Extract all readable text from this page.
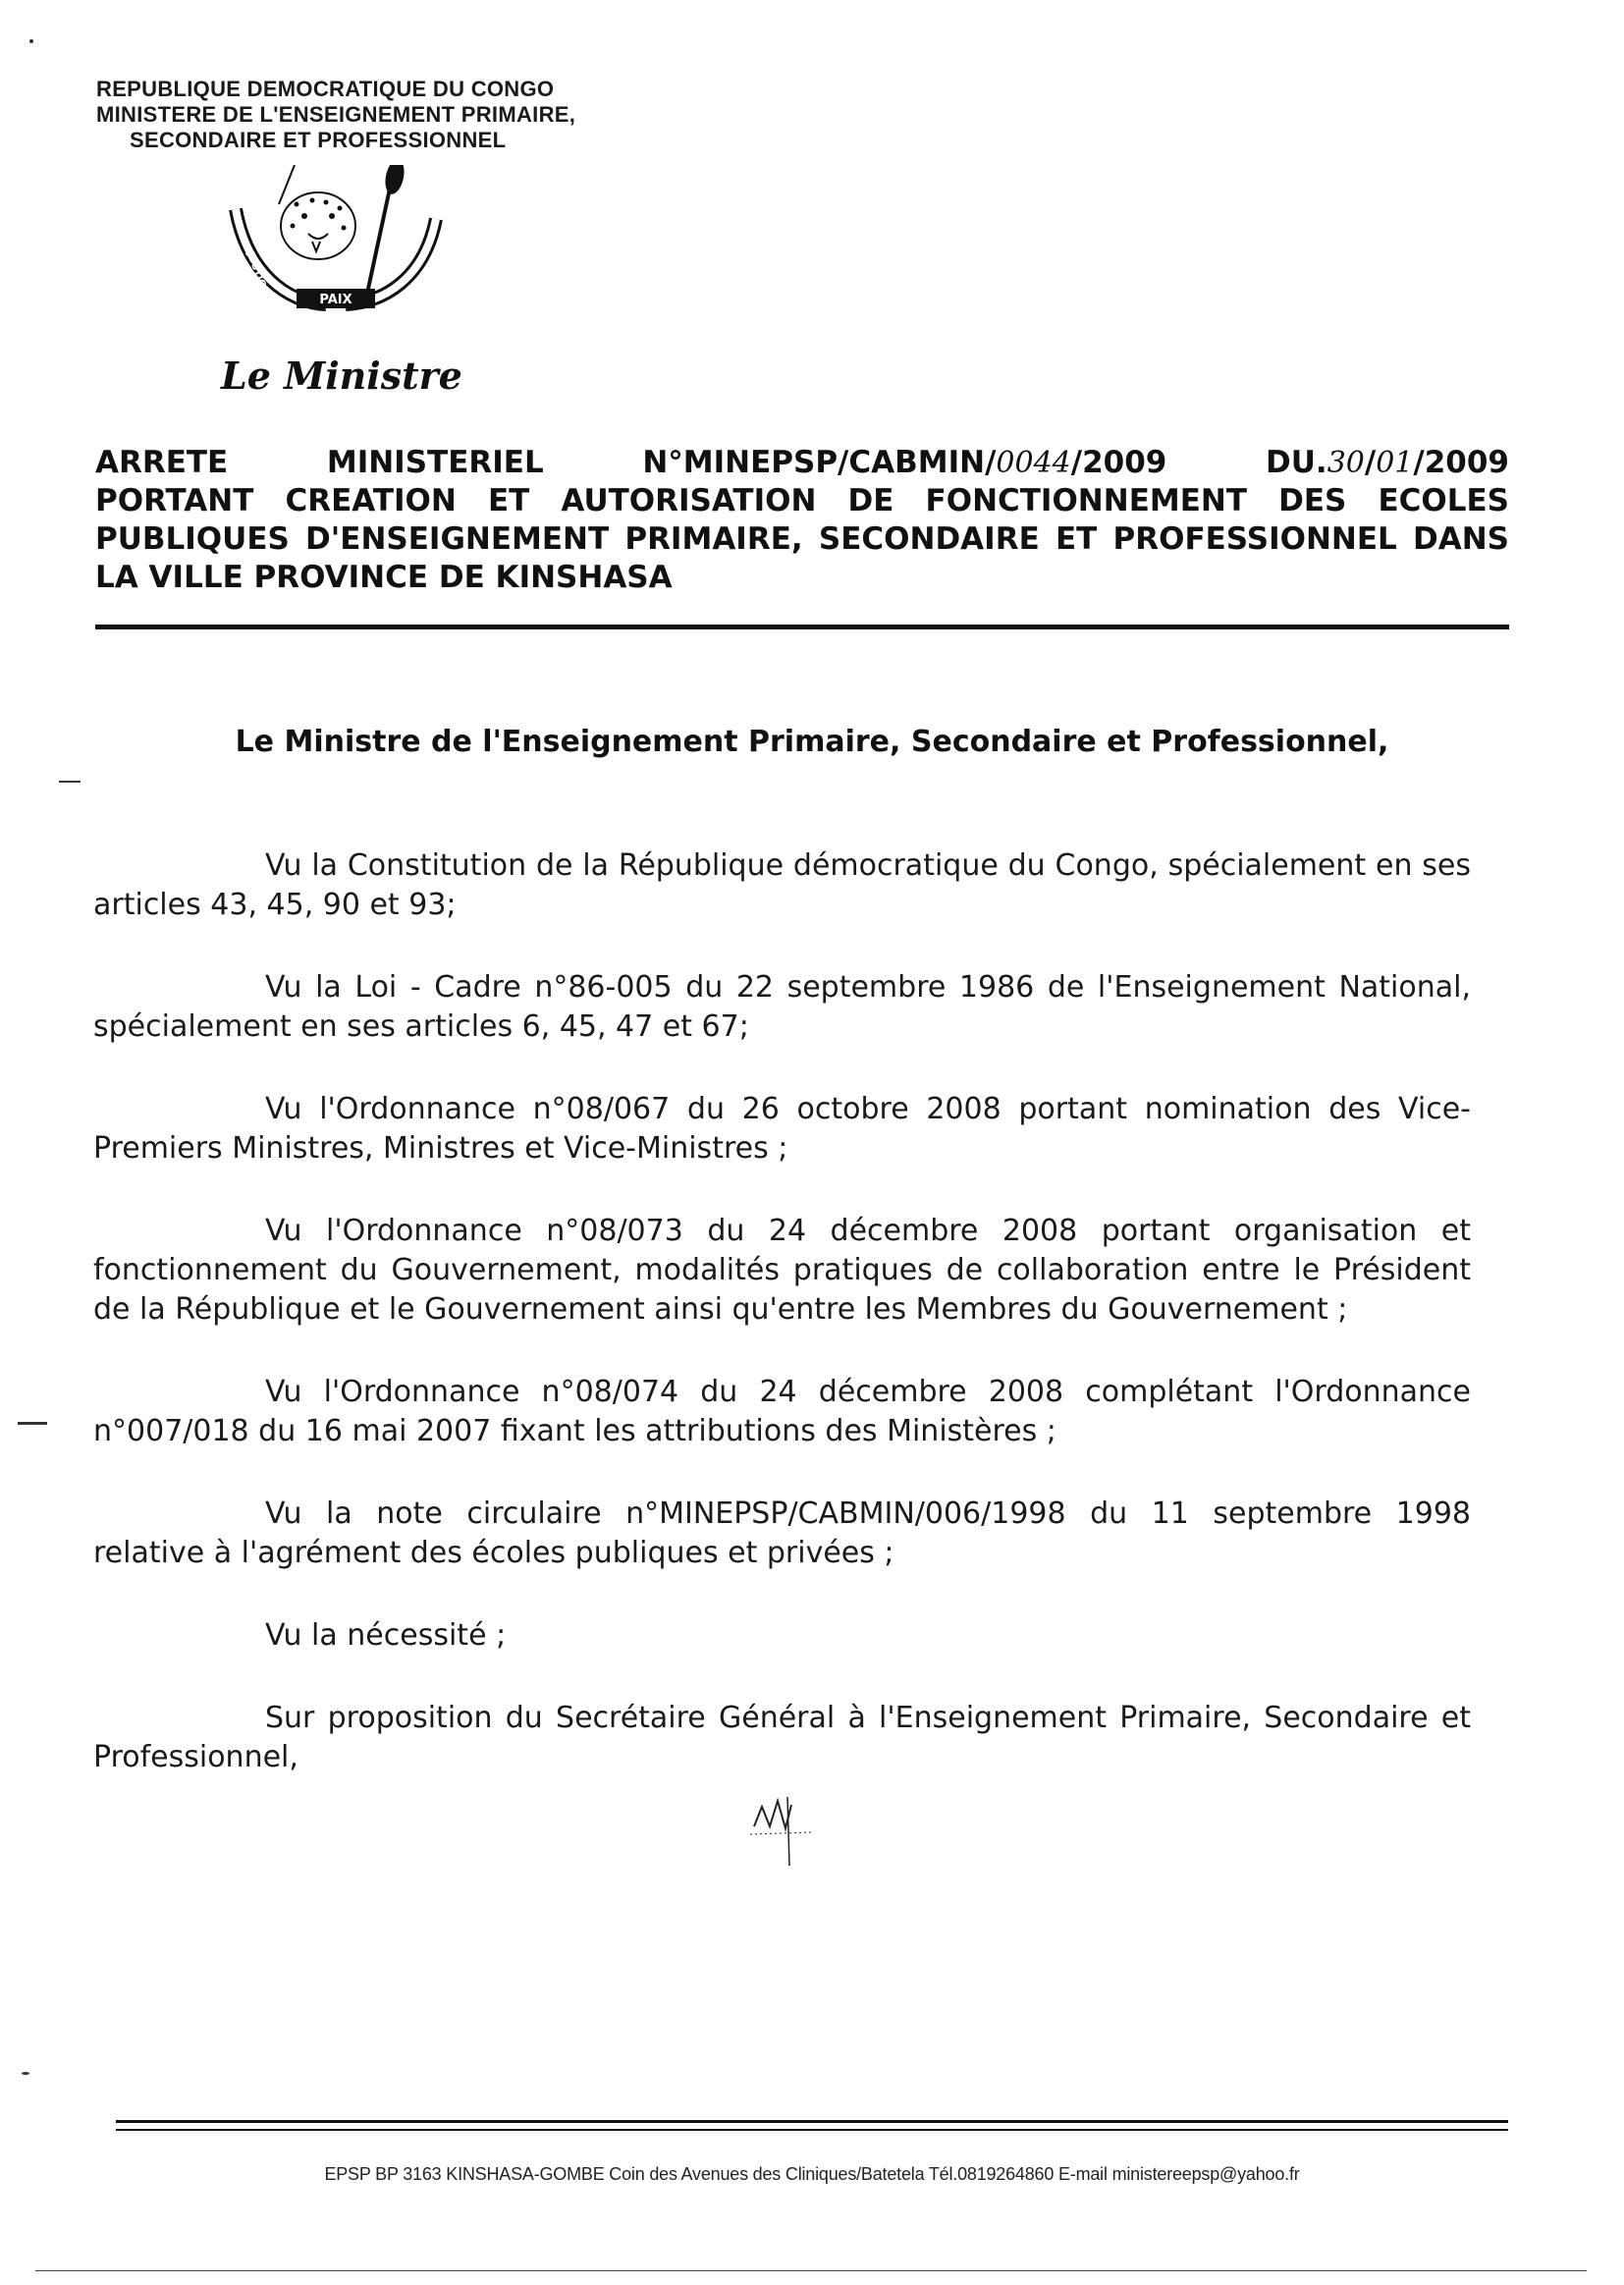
REPUBLIQUE DEMOCRATIQUE DU CONGO
MINISTERE DE L'ENSEIGNEMENT PRIMAIRE,
SECONDAIRE ET PROFESSIONNEL
PAIX
JUSTICE
TRAVAIL
Le Ministre
ARRETE	MINISTERIEL	N°MINEPSP/CABMIN/0044/2009	DU.30/01/2009
PORTANT CREATION ET AUTORISATION DE FONCTIONNEMENT DES ECOLES PUBLIQUES D'ENSEIGNEMENT PRIMAIRE, SECONDAIRE ET PROFESSIONNEL DANS LA VILLE PROVINCE DE KINSHASA
Le Ministre de l'Enseignement Primaire, Secondaire et Professionnel,

Vu la Constitution de la République démocratique du Congo, spécialement en ses articles 43, 45, 90 et 93;

Vu la Loi - Cadre n°86-005 du 22 septembre 1986 de l'Enseignement National, spécialement en ses articles 6, 45, 47 et 67;

Vu l'Ordonnance n°08/067 du 26 octobre 2008 portant nomination des Vice-Premiers Ministres, Ministres et Vice-Ministres ;

Vu l'Ordonnance n°08/073 du 24 décembre 2008 portant organisation et fonctionnement du Gouvernement, modalités pratiques de collaboration entre le Président de la République et le Gouvernement ainsi qu'entre les Membres du Gouvernement ;

Vu l'Ordonnance n°08/074 du 24 décembre 2008 complétant l'Ordonnance n°007/018 du 16 mai 2007 fixant les attributions des Ministères ;

Vu la note circulaire n°MINEPSP/CABMIN/006/1998 du 11 septembre 1998 relative à l'agrément des écoles publiques et privées ;

Vu la nécessité ;

Sur proposition du Secrétaire Général à l'Enseignement Primaire, Secondaire et Professionnel,

EPSP BP 3163 KINSHASA-GOMBE Coin des Avenues des Cliniques/Batetela Tél.0819264860 E-mail ministereepsp@yahoo.fr
